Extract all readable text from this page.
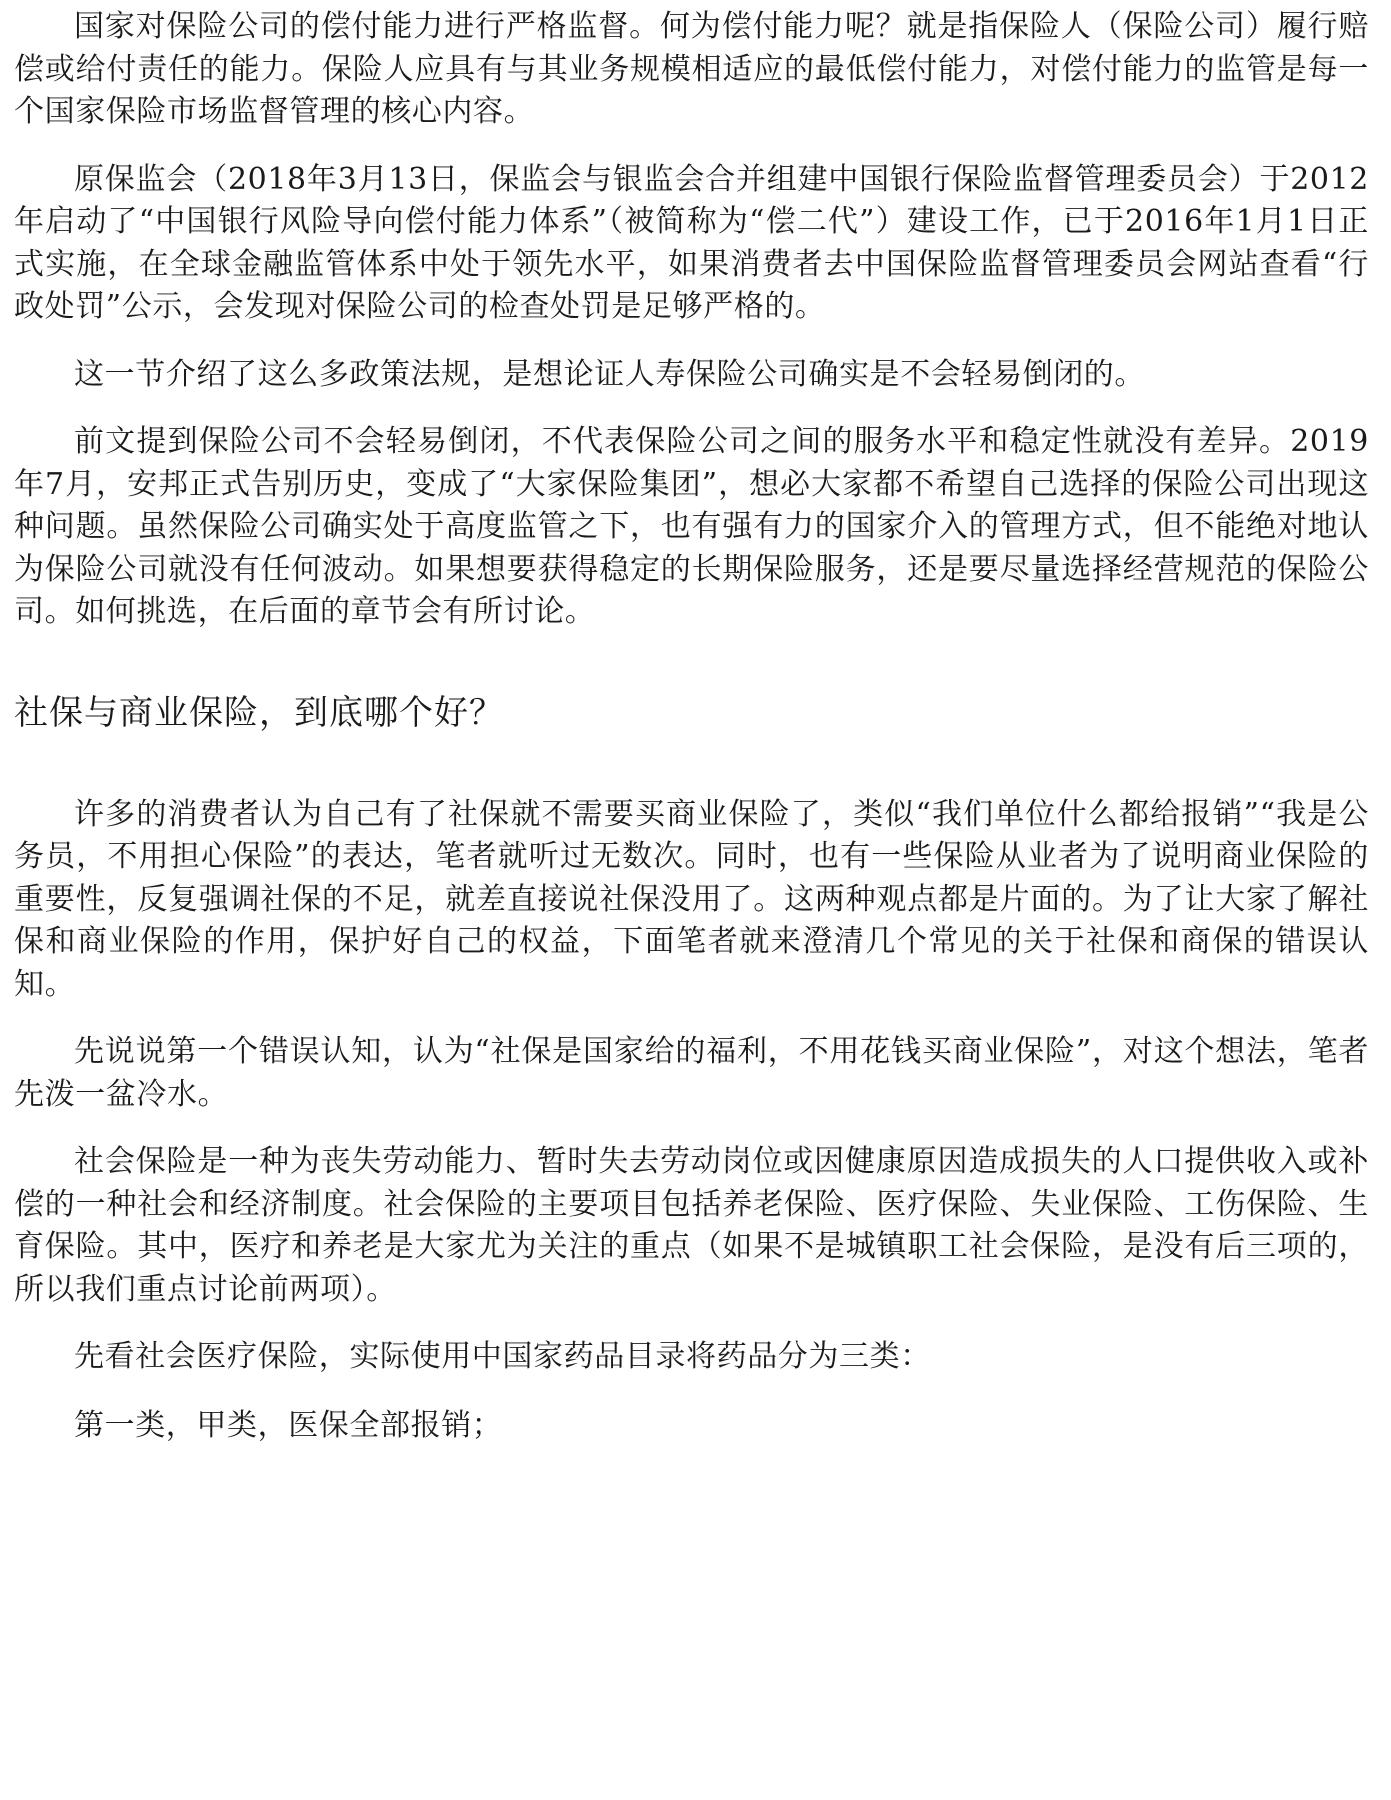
国家对保险公司的偿付能力进行严格监督。何为偿付能力呢？就是指保险人（保险公司）履行赔偿或给付责任的能力。保险人应具有与其业务规模相适应的最低偿付能力，对偿付能力的监管是每一个国家保险市场监督管理的核心内容。

原保监会（2018年3月13日，保监会与银监会合并组建中国银行保险监督管理委员会）于2012年启动了“中国银行风险导向偿付能力体系”（被简称为“偿二代”）建设工作，已于2016年1月1日正式实施，在全球金融监管体系中处于领先水平，如果消费者去中国保险监督管理委员会网站查看“行政处罚”公示，会发现对保险公司的检查处罚是足够严格的。

这一节介绍了这么多政策法规，是想论证人寿保险公司确实是不会轻易倒闭的。

前文提到保险公司不会轻易倒闭，不代表保险公司之间的服务水平和稳定性就没有差异。2019年7月，安邦正式告别历史，变成了“大家保险集团”，想必大家都不希望自己选择的保险公司出现这种问题。虽然保险公司确实处于高度监管之下，也有强有力的国家介入的管理方式，但不能绝对地认为保险公司就没有任何波动。如果想要获得稳定的长期保险服务，还是要尽量选择经营规范的保险公司。如何挑选，在后面的章节会有所讨论。

社保与商业保险，到底哪个好？

许多的消费者认为自己有了社保就不需要买商业保险了，类似“我们单位什么都给报销”“我是公务员，不用担心保险”的表达，笔者就听过无数次。同时，也有一些保险从业者为了说明商业保险的重要性，反复强调社保的不足，就差直接说社保没用了。这两种观点都是片面的。为了让大家了解社保和商业保险的作用，保护好自己的权益，下面笔者就来澄清几个常见的关于社保和商保的错误认知。

先说说第一个错误认知，认为“社保是国家给的福利，不用花钱买商业保险”，对这个想法，笔者先泼一盆冷水。

社会保险是一种为丧失劳动能力、暂时失去劳动岗位或因健康原因造成损失的人口提供收入或补偿的一种社会和经济制度。社会保险的主要项目包括养老保险、医疗保险、失业保险、工伤保险、生育保险。其中，医疗和养老是大家尤为关注的重点（如果不是城镇职工社会保险，是没有后三项的，所以我们重点讨论前两项）。

先看社会医疗保险，实际使用中国家药品目录将药品分为三类：

第一类，甲类，医保全部报销；
